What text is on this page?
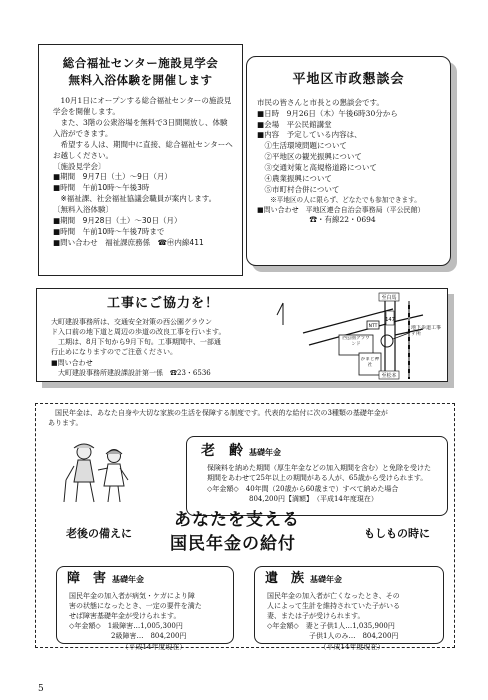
総合福祉センター施設見学会
無料入浴体験を開催します
　10月1日にオープンする総合福祉センターの施設見
学会を開催します。
　また、3階の公衆浴場を無料で3日間開放し、体験
入浴ができます。
　希望する人は、期間中に直接、総合福祉センターへ
お越しください。
〔施設見学会〕
■期間　9月7日（土）～9日（月）
■時間　午前10時～午後3時
　※福祉課、社会福祉協議会職員が案内します。
〔無料入浴体験〕
■期間　9月28日（土）～30日（月）
■時間　午前10時～午後7時まで
■問い合わせ　福祉課庶務係　☎㊥内線411
平地区市政懇談会
市民の皆さんと市長との懇談会です。
■日時　9月26日（木）午後6時30分から
■会場　平公民館講堂
■内容　予定している内容は、
　①生活環境問題について
　②平地区の観光振興について
　③交通対策と高規格道路について
　④農業振興について
　⑤市町村合併について
　　※平地区の人に限らず、どなたでも参加できます。
■問い合わせ　平地区連合自治会事務局（平公民館）
　　　　　　　☎・有線22・0694
工事にご協力を！
大町建設事務所は、交通安全対策の西公園グラウン
ド入口前の地下道と周辺の歩道の改良工事を行います。
　工期は、8月下旬から9月下旬。工事期間中、一部通
行止めになりますのでご注意ください。
■問い合わせ
　大町建設事務所建設課設計第一係　☎23・6536
147
至白馬
NTT
西公園グラウンド
地下歩道工事ヶ所
かまど神社
至松本
　国民年金は、あなた自身や大切な家族の生活を保障する制度です。代表的な給付に次の3種類の基礎年金が
あります。
老　齢 基礎年金
保険料を納めた期間（厚生年金などの加入期間を含む）と免除を受けた
期間をあわせて25年以上の期間がある人が、65歳から受けられます。
◇年金額◇　40年間（20歳から60歳まで）すべて納めた場合
　　　　　　804,200円【満額】　（平成14年度現在）
老後の備えに
あなたを支える
国民年金の給付
もしもの時に
障　害 基礎年金
国民年金の加入者が病気・ケガにより障
害の状態になったとき、一定の要件を満た
せば障害基礎年金が受けられます。
◇年金額◇　1級障害…1,005,300円
　　　　　　2級障害…　804,200円
　　　　　　　　（平成14年度現在）
遺　族 基礎年金
国民年金の加入者が亡くなったとき、その
人によって生計を維持されていた子がいる
妻、または子が受けられます。
◇年金額◇　妻と子供1人…1,035,900円
　　　　　　子供1人のみ…　804,200円
　　　　　　　　（平成14年度現在）
5
